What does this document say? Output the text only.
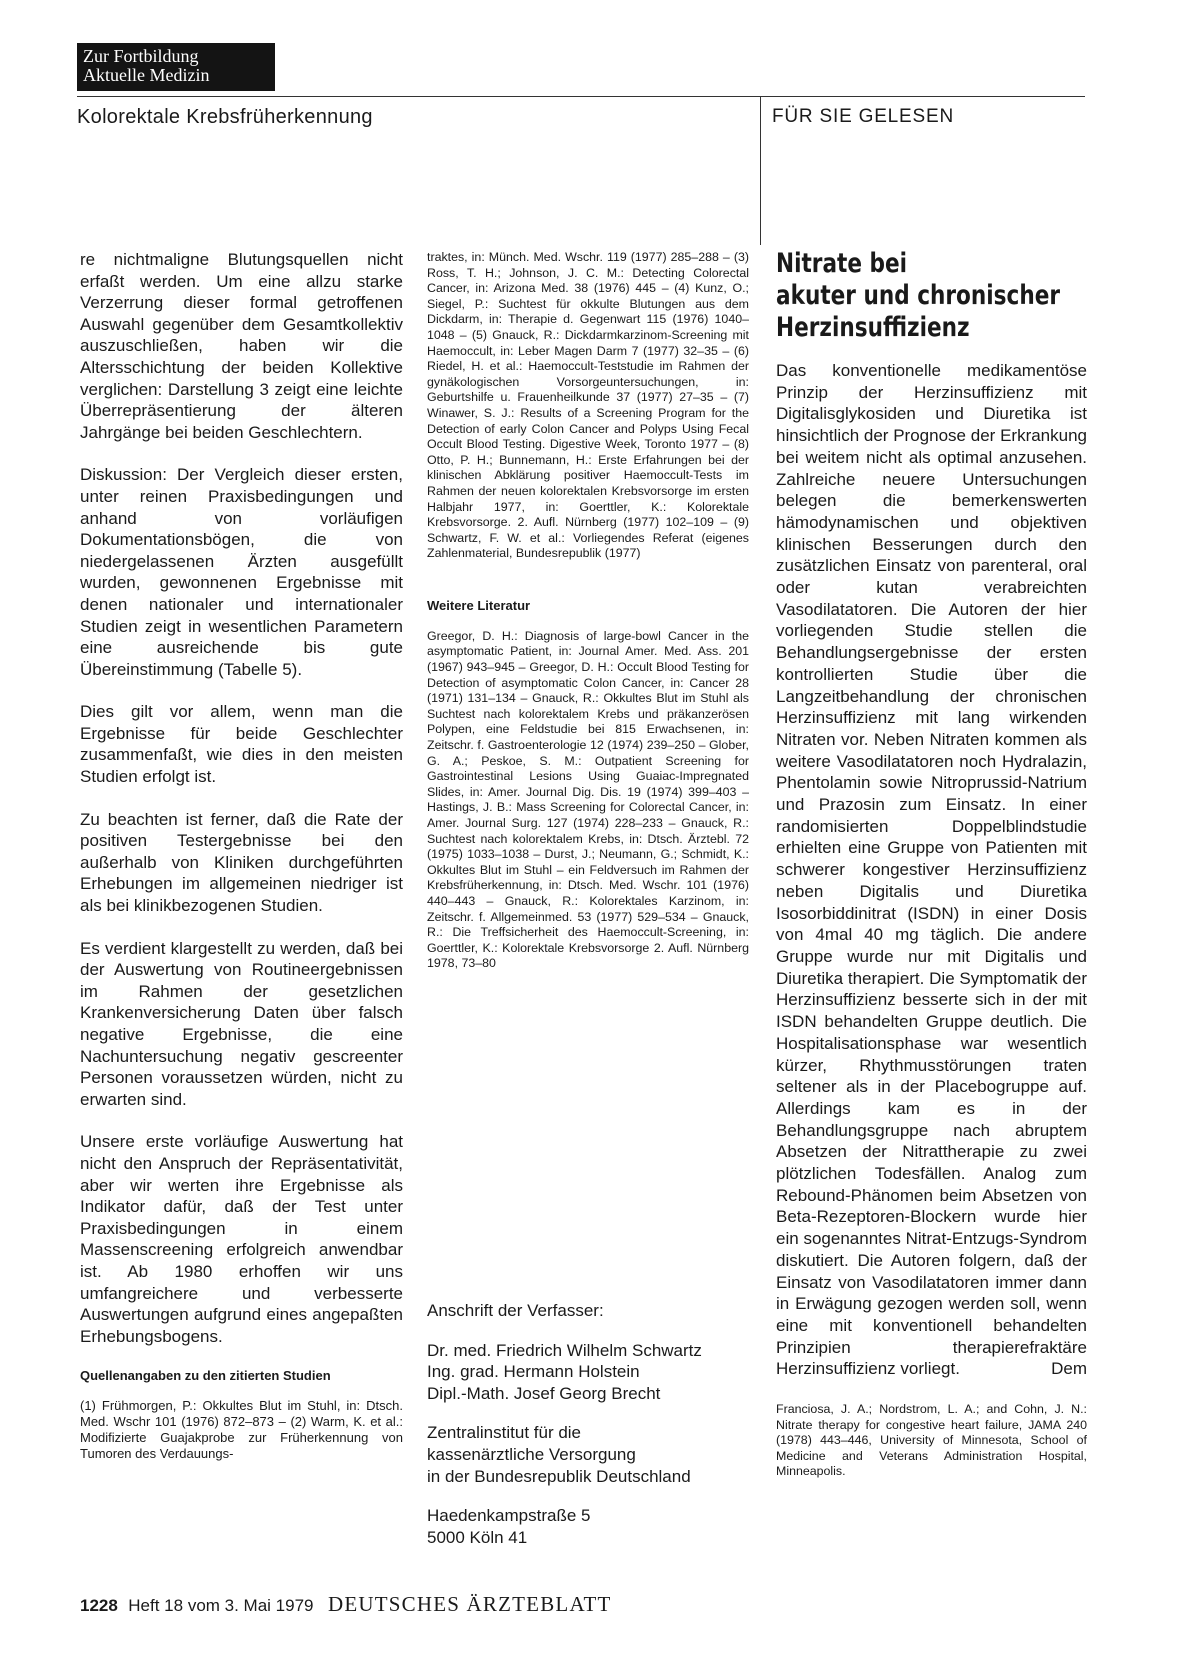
Zur Fortbildung
Aktuelle Medizin
Kolorektale Krebsfrüherkennung	FÜR SIE GELESEN

re nichtmaligne Blutungsquellen nicht erfaßt werden. Um eine allzu starke Verzerrung dieser formal getroffenen Auswahl gegenüber dem Gesamtkollektiv auszuschließen, haben wir die Altersschichtung der beiden Kollektive verglichen: Darstellung 3 zeigt eine leichte Überrepräsentierung der älteren Jahrgänge bei beiden Geschlechtern.

Diskussion: Der Vergleich dieser ersten, unter reinen Praxisbedingungen und anhand von vorläufigen Dokumentationsbögen, die von niedergelassenen Ärzten ausgefüllt wurden, gewonnenen Ergebnisse mit denen nationaler und internationaler Studien zeigt in wesentlichen Parametern eine ausreichende bis gute Übereinstimmung (Tabelle 5).

Dies gilt vor allem, wenn man die Ergebnisse für beide Geschlechter zusammenfaßt, wie dies in den meisten Studien erfolgt ist.

Zu beachten ist ferner, daß die Rate der positiven Testergebnisse bei den außerhalb von Kliniken durchgeführten Erhebungen im allgemeinen niedriger ist als bei klinikbezogenen Studien.

Es verdient klargestellt zu werden, daß bei der Auswertung von Routineergebnissen im Rahmen der gesetzlichen Krankenversicherung Daten über falsch negative Ergebnisse, die eine Nachuntersuchung negativ gescreenter Personen voraussetzen würden, nicht zu erwarten sind.

Unsere erste vorläufige Auswertung hat nicht den Anspruch der Repräsentativität, aber wir werten ihre Ergebnisse als Indikator dafür, daß der Test unter Praxisbedingungen in einem Massenscreening erfolgreich anwendbar ist. Ab 1980 erhoffen wir uns umfangreichere und verbesserte Auswertungen aufgrund eines angepaßten Erhebungsbogens.

Quellenangaben zu den zitierten Studien
(1) Frühmorgen, P.: Okkultes Blut im Stuhl, in: Dtsch. Med. Wschr 101 (1976) 872–873 – (2) Warm, K. et al.: Modifizierte Guajakprobe zur Früherkennung von Tumoren des Verdauungs-
traktes, in: Münch. Med. Wschr. 119 (1977) 285–288 – (3) Ross, T. H.; Johnson, J. C. M.: Detecting Colorectal Cancer, in: Arizona Med. 38 (1976) 445 – (4) Kunz, O.; Siegel, P.: Suchtest für okkulte Blutungen aus dem Dickdarm, in: Therapie d. Gegenwart 115 (1976) 1040–1048 – (5) Gnauck, R.: Dickdarmkarzinom-Screening mit Haemoccult, in: Leber Magen Darm 7 (1977) 32–35 – (6) Riedel, H. et al.: Haemoccult-Teststudie im Rahmen der gynäkologischen Vorsorgeuntersuchungen, in: Geburtshilfe u. Frauenheilkunde 37 (1977) 27–35 – (7) Winawer, S. J.: Results of a Screening Program for the Detection of early Colon Cancer and Polyps Using Fecal Occult Blood Testing. Digestive Week, Toronto 1977 – (8) Otto, P. H.; Bunnemann, H.: Erste Erfahrungen bei der klinischen Abklärung positiver Haemoccult-Tests im Rahmen der neuen kolorektalen Krebsvorsorge im ersten Halbjahr 1977, in: Goerttler, K.: Kolorektale Krebsvorsorge. 2. Aufl. Nürnberg (1977) 102–109 – (9) Schwartz, F. W. et al.: Vorliegendes Referat (eigenes Zahlenmaterial, Bundesrepublik (1977)
Weitere Literatur
Greegor, D. H.: Diagnosis of large-bowl Cancer in the asymptomatic Patient, in: Journal Amer. Med. Ass. 201 (1967) 943–945 – Greegor, D. H.: Occult Blood Testing for Detection of asymptomatic Colon Cancer, in: Cancer 28 (1971) 131–134 – Gnauck, R.: Okkultes Blut im Stuhl als Suchtest nach kolorektalem Krebs und präkanzerösen Polypen, eine Feldstudie bei 815 Erwachsenen, in: Zeitschr. f. Gastroenterologie 12 (1974) 239–250 – Glober, G. A.; Peskoe, S. M.: Outpatient Screening for Gastrointestinal Lesions Using Guaiac-Impregnated Slides, in: Amer. Journal Dig. Dis. 19 (1974) 399–403 – Hastings, J. B.: Mass Screening for Colorectal Cancer, in: Amer. Journal Surg. 127 (1974) 228–233 – Gnauck, R.: Suchtest nach kolorektalem Krebs, in: Dtsch. Ärztebl. 72 (1975) 1033–1038 – Durst, J.; Neumann, G.; Schmidt, K.: Okkultes Blut im Stuhl – ein Feldversuch im Rahmen der Krebsfrüherkennung, in: Dtsch. Med. Wschr. 101 (1976) 440–443 – Gnauck, R.: Kolorektales Karzinom, in: Zeitschr. f. Allgemeinmed. 53 (1977) 529–534 – Gnauck, R.: Die Treffsicherheit des Haemoccult-Screening, in: Goerttler, K.: Kolorektale Krebsvorsorge 2. Aufl. Nürnberg 1978, 73–80
Anschrift der Verfasser:
Dr. med. Friedrich Wilhelm Schwartz
Ing. grad. Hermann Holstein
Dipl.-Math. Josef Georg Brecht
Zentralinstitut für die
kassenärztliche Versorgung
in der Bundesrepublik Deutschland
Haedenkampstraße 5
5000 Köln 41
Nitrate bei
akuter und chronischer
Herzinsuffizienz
Das konventionelle medikamentöse Prinzip der Herzinsuffizienz mit Digitalisglykosiden und Diuretika ist hinsichtlich der Prognose der Erkrankung bei weitem nicht als optimal anzusehen. Zahlreiche neuere Untersuchungen belegen die bemerkenswerten hämodynamischen und objektiven klinischen Besserungen durch den zusätzlichen Einsatz von parenteral, oral oder kutan verabreichten Vasodilatatoren. Die Autoren der hier vorliegenden Studie stellen die Behandlungsergebnisse der ersten kontrollierten Studie über die Langzeitbehandlung der chronischen Herzinsuffizienz mit lang wirkenden Nitraten vor. Neben Nitraten kommen als weitere Vasodilatatoren noch Hydralazin, Phentolamin sowie Nitroprussid-Natrium und Prazosin zum Einsatz. In einer randomisierten Doppelblindstudie erhielten eine Gruppe von Patienten mit schwerer kongestiver Herzinsuffizienz neben Digitalis und Diuretika Isosorbiddinitrat (ISDN) in einer Dosis von 4mal 40 mg täglich. Die andere Gruppe wurde nur mit Digitalis und Diuretika therapiert. Die Symptomatik der Herzinsuffizienz besserte sich in der mit ISDN behandelten Gruppe deutlich. Die Hospitalisationsphase war wesentlich kürzer, Rhythmusstörungen traten seltener als in der Placebogruppe auf. Allerdings kam es in der Behandlungsgruppe nach abruptem Absetzen der Nitrattherapie zu zwei plötzlichen Todesfällen. Analog zum Rebound-Phänomen beim Absetzen von Beta-Rezeptoren-Blockern wurde hier ein sogenanntes Nitrat-Entzugs-Syndrom diskutiert. Die Autoren folgern, daß der Einsatz von Vasodilatatoren immer dann in Erwägung gezogen werden soll, wenn eine mit konventionell behandelten Prinzipien therapierefraktäre Herzinsuffizienz vorliegt.	Dem
Franciosa, J. A.; Nordstrom, L. A.; and Cohn, J. N.: Nitrate therapy for congestive heart failure, JAMA 240 (1978) 443–446, University of Minnesota, School of Medicine and Veterans Administration Hospital, Minneapolis.
1228 Heft 18 vom 3. Mai 1979 DEUTSCHES ÄRZTEBLATT
